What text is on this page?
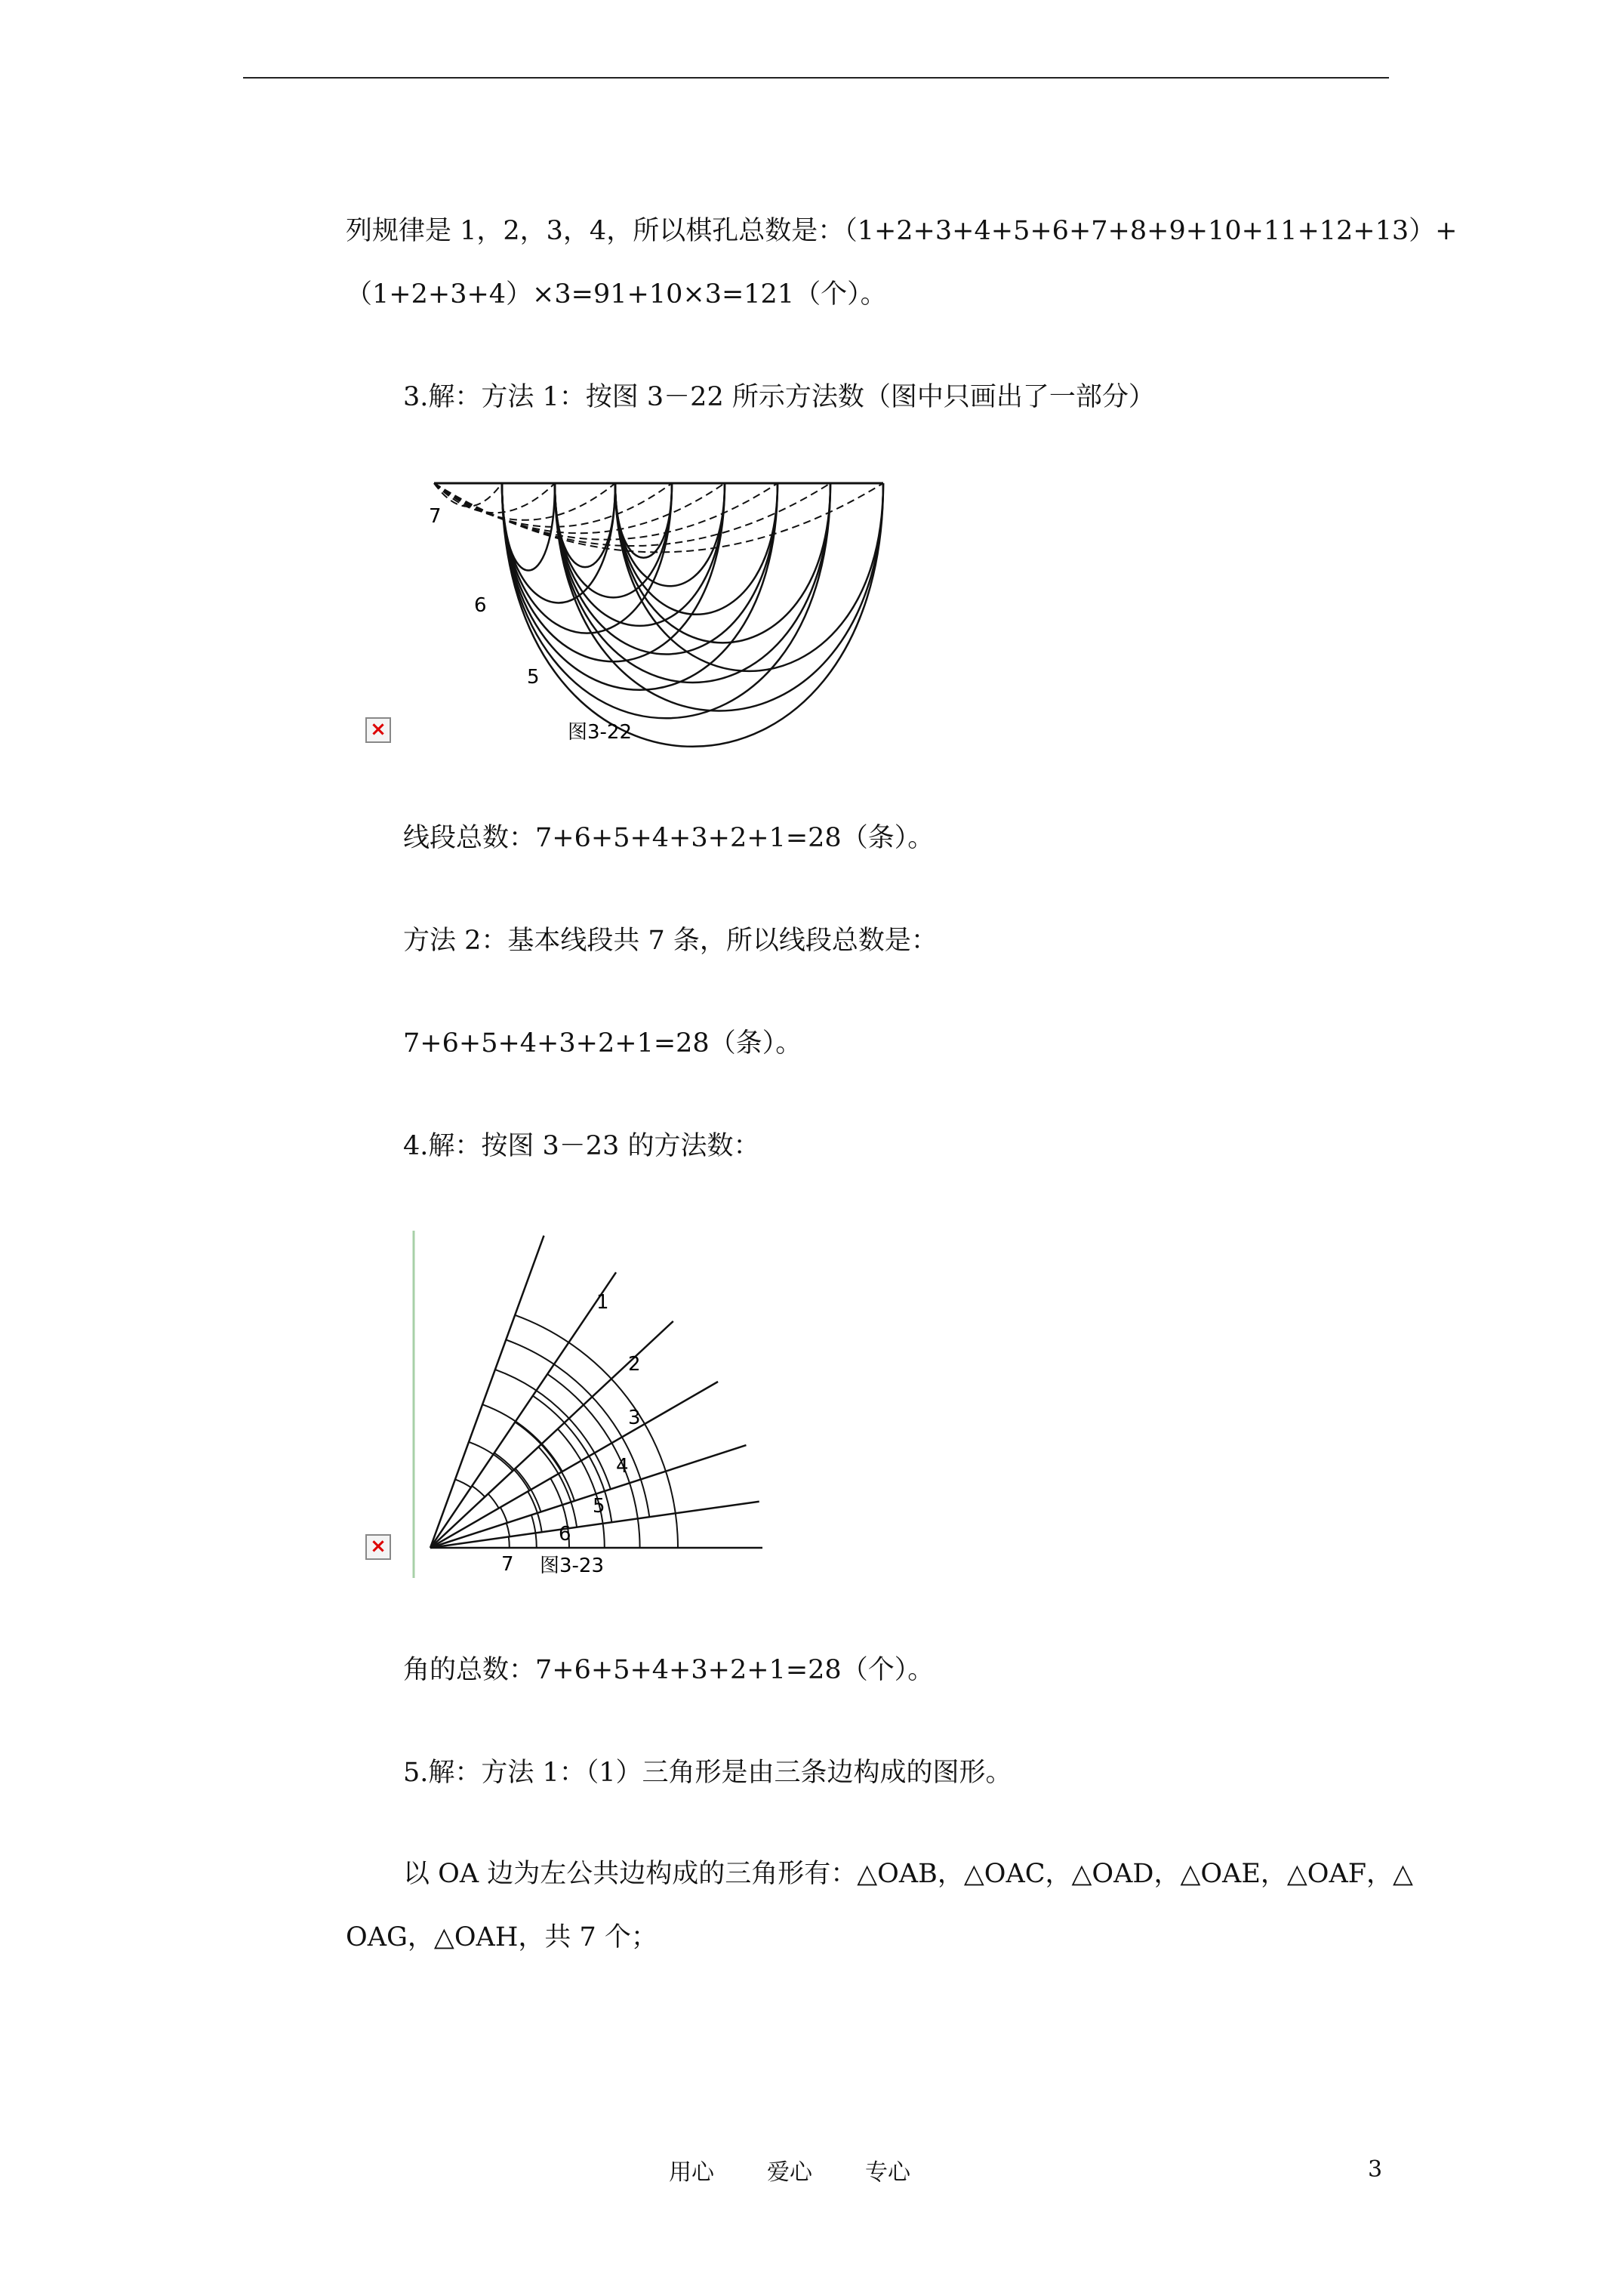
列规律是 1，2，3，4，所以棋孔总数是：（1+2+3+4+5+6+7+8+9+10+11+12+13）+
（1+2+3+4）×3=91+10×3=121（个）。
3.解：方法 1：按图 3－22 所示方法数（图中只画出了一部分）
×
7
6
5
图3-22
线段总数：7+6+5+4+3+2+1=28（条）。
方法 2：基本线段共 7 条，所以线段总数是：
7+6+5+4+3+2+1=28（条）。
4.解：按图 3－23 的方法数：
×
1
2
3
4
5
6
7 图3-23
角的总数：7+6+5+4+3+2+1=28（个）。
5.解：方法 1：（1）三角形是由三条边构成的图形。
以 OA 边为左公共边构成的三角形有：△OAB，△OAC，△OAD，△OAE，△OAF，△
OAG，△OAH，共 7 个；
用心 爱心 专心	3
